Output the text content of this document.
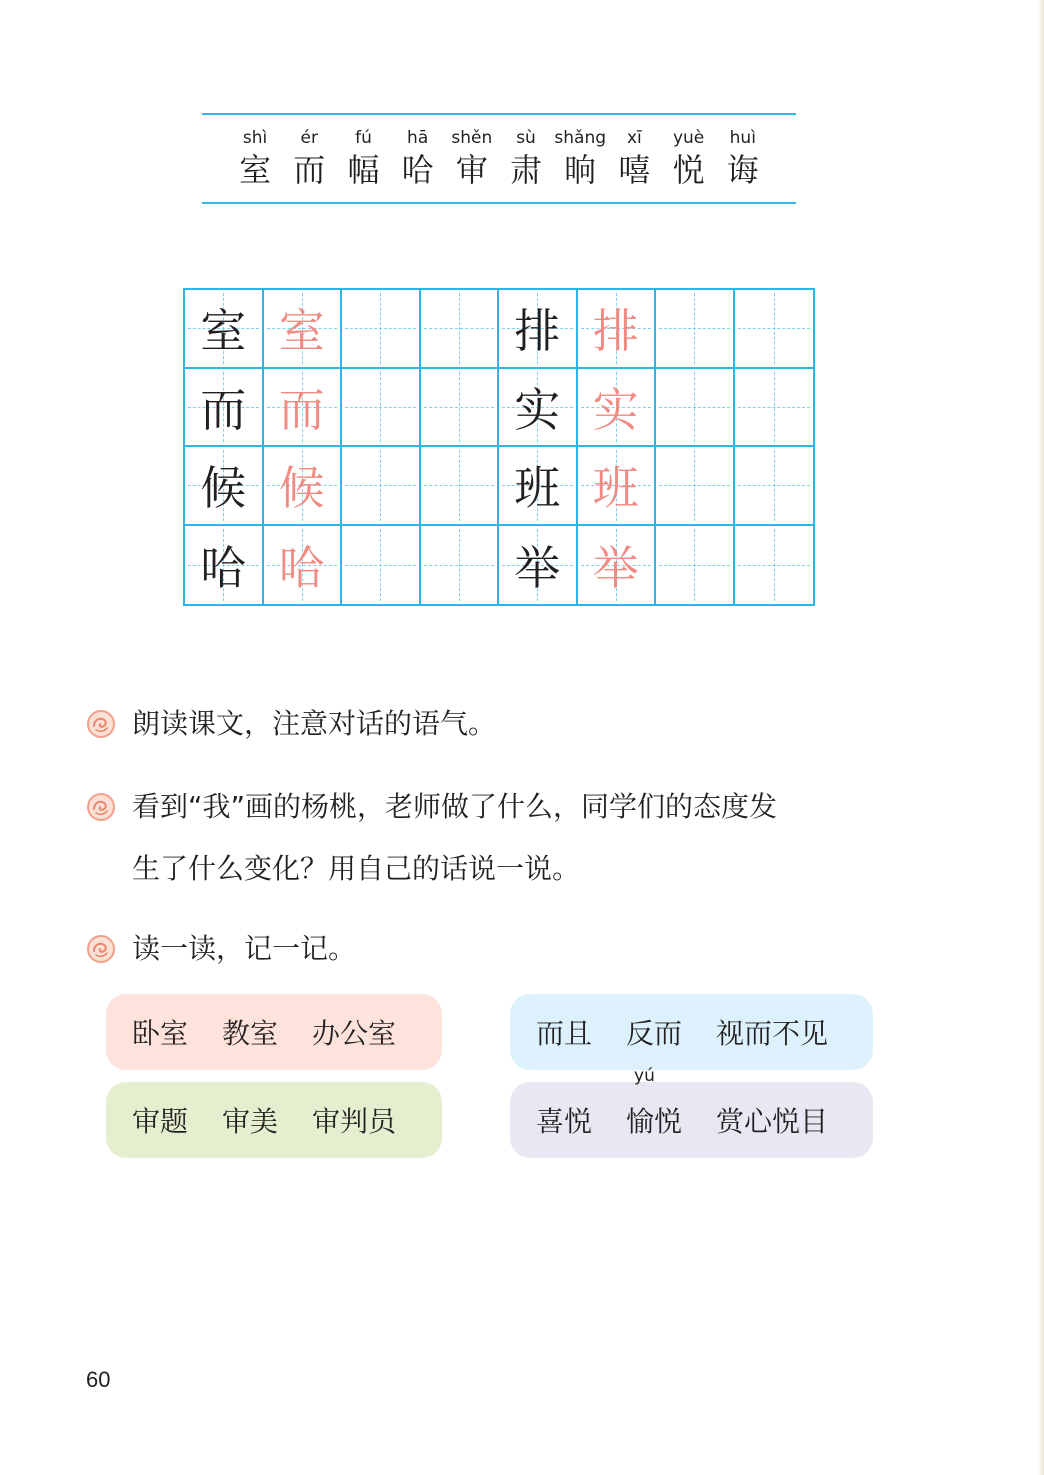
shì
室
ér
而
fú
幅
hā
哈
shěn
审
sù
肃
shǎng
晌
xī
嘻
yuè
悦
huì
诲
室 室	排 排
而 而	实 实
候 候	班 班
哈 哈	举 举
朗读课文，注意对话的语气。
看到“我”画的杨桃，老师做了什么，同学们的态度发
生了什么变化？用自己的话说一说。
读一读，记一记。
卧室 教室 办公室	而且 反而 视而不见
审题 审美 审判员	喜悦
yú
愉悦 赏心悦目
60
